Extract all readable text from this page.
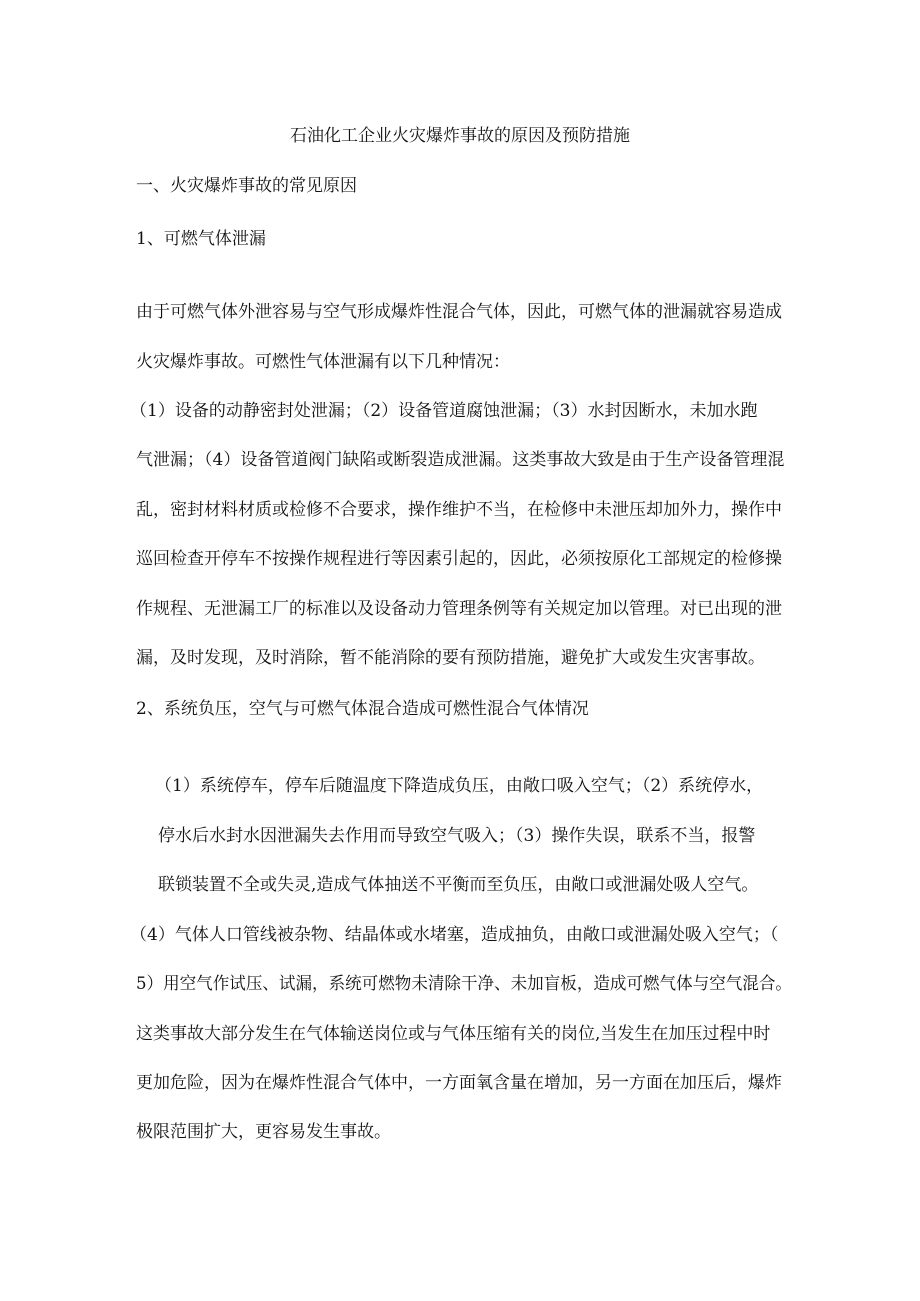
石油化工企业火灾爆炸事故的原因及预防措施
一、火灾爆炸事故的常见原因
1、可燃气体泄漏
由于可燃气体外泄容易与空气形成爆炸性混合气体，因此，可燃气体的泄漏就容易造成
火灾爆炸事故。可燃性气体泄漏有以下几种情况：
（1）设备的动静密封处泄漏；（2）设备管道腐蚀泄漏；（3）水封因断水，未加水跑
气泄漏；（4）设备管道阀门缺陷或断裂造成泄漏。这类事故大致是由于生产设备管理混
乱，密封材料材质或检修不合要求，操作维护不当，在检修中未泄压却加外力，操作中
巡回检查开停车不按操作规程进行等因素引起的，因此，必须按原化工部规定的检修操
作规程、无泄漏工厂的标准以及设备动力管理条例等有关规定加以管理。对已出现的泄
漏，及时发现，及时消除，暂不能消除的要有预防措施，避免扩大或发生灾害事故。
2、系统负压，空气与可燃气体混合造成可燃性混合气体情况
（1）系统停车，停车后随温度下降造成负压，由敞口吸入空气；（2）系统停水，
停水后水封水因泄漏失去作用而导致空气吸入；（3）操作失误，联系不当，报警
联锁装置不全或失灵,造成气体抽送不平衡而至负压，由敞口或泄漏处吸人空气。
（4）气体人口管线被杂物、结晶体或水堵塞，造成抽负，由敞口或泄漏处吸入空气；（
5）用空气作试压、试漏，系统可燃物未清除干净、未加盲板，造成可燃气体与空气混合。
这类事故大部分发生在气体输送岗位或与气体压缩有关的岗位,当发生在加压过程中时
更加危险，因为在爆炸性混合气体中，一方面氧含量在增加，另一方面在加压后，爆炸
极限范围扩大，更容易发生事故。
